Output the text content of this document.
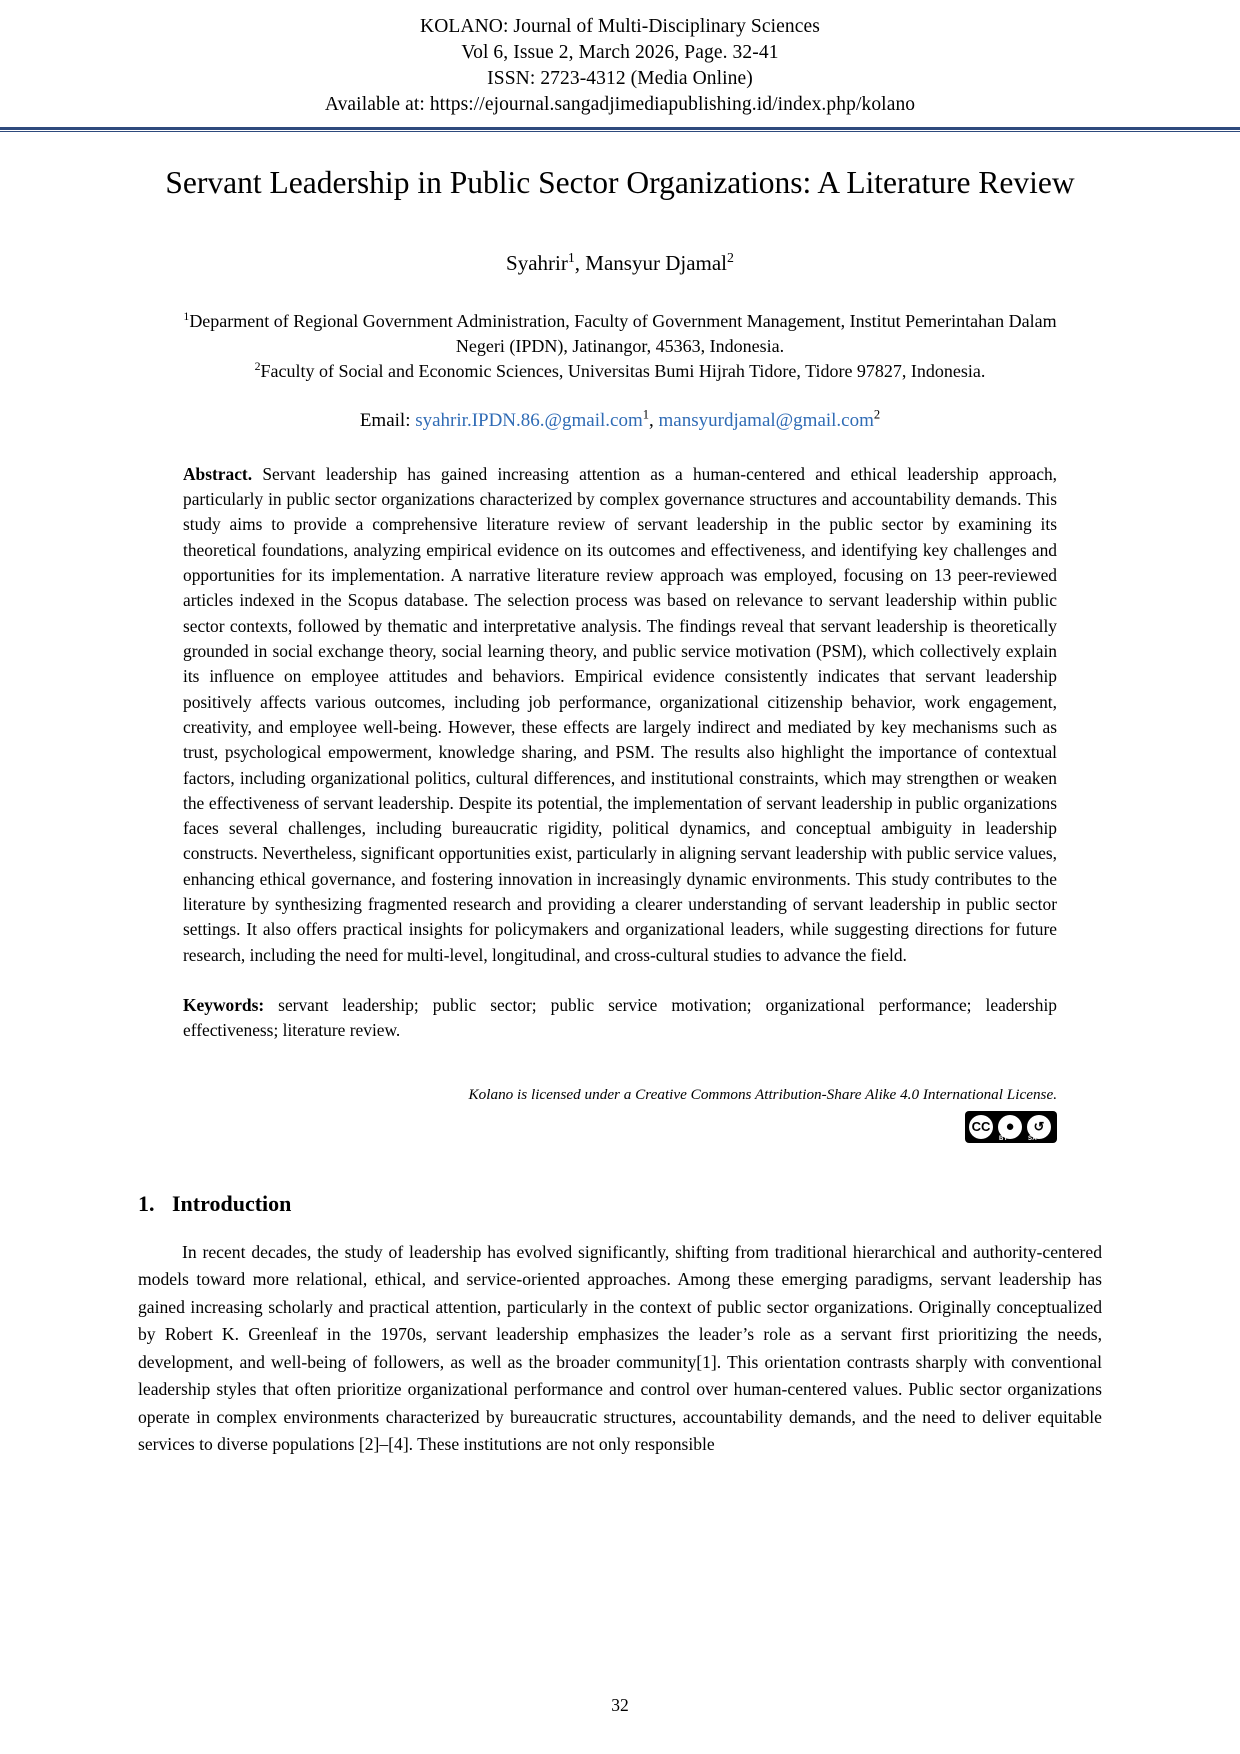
KOLANO: Journal of Multi-Disciplinary Sciences
Vol 6, Issue 2, March 2026, Page. 32-41
ISSN: 2723-4312 (Media Online)
Available at: https://ejournal.sangadjimediapublishing.id/index.php/kolano
Servant Leadership in Public Sector Organizations: A Literature Review
Syahrir$^1$, Mansyur Djamal$^2$
$^1$Deparment of Regional Government Administration, Faculty of Government Management, Institut Pemerintahan Dalam Negeri (IPDN), Jatinangor, 45363, Indonesia.
$^2$Faculty of Social and Economic Sciences, Universitas Bumi Hijrah Tidore, Tidore 97827, Indonesia.
Email: syahrir.IPDN.86.@gmail.com$^1$, mansyurdjamal@gmail.com$^2$
Abstract. Servant leadership has gained increasing attention as a human-centered and ethical leadership approach, particularly in public sector organizations characterized by complex governance structures and accountability demands. This study aims to provide a comprehensive literature review of servant leadership in the public sector by examining its theoretical foundations, analyzing empirical evidence on its outcomes and effectiveness, and identifying key challenges and opportunities for its implementation. A narrative literature review approach was employed, focusing on 13 peer-reviewed articles indexed in the Scopus database. The selection process was based on relevance to servant leadership within public sector contexts, followed by thematic and interpretative analysis. The findings reveal that servant leadership is theoretically grounded in social exchange theory, social learning theory, and public service motivation (PSM), which collectively explain its influence on employee attitudes and behaviors. Empirical evidence consistently indicates that servant leadership positively affects various outcomes, including job performance, organizational citizenship behavior, work engagement, creativity, and employee well-being. However, these effects are largely indirect and mediated by key mechanisms such as trust, psychological empowerment, knowledge sharing, and PSM. The results also highlight the importance of contextual factors, including organizational politics, cultural differences, and institutional constraints, which may strengthen or weaken the effectiveness of servant leadership. Despite its potential, the implementation of servant leadership in public organizations faces several challenges, including bureaucratic rigidity, political dynamics, and conceptual ambiguity in leadership constructs. Nevertheless, significant opportunities exist, particularly in aligning servant leadership with public service values, enhancing ethical governance, and fostering innovation in increasingly dynamic environments. This study contributes to the literature by synthesizing fragmented research and providing a clearer understanding of servant leadership in public sector settings. It also offers practical insights for policymakers and organizational leaders, while suggesting directions for future research, including the need for multi-level, longitudinal, and cross-cultural studies to advance the field.
Keywords: servant leadership; public sector; public service motivation; organizational performance; leadership effectiveness; literature review.
Kolano is licensed under a Creative Commons Attribution-Share Alike 4.0 International License.
CC	●	↺
BY	SA
1. Introduction

In recent decades, the study of leadership has evolved significantly, shifting from traditional hierarchical and authority-centered models toward more relational, ethical, and service-oriented approaches. Among these emerging paradigms, servant leadership has gained increasing scholarly and practical attention, particularly in the context of public sector organizations. Originally conceptualized by Robert K. Greenleaf in the 1970s, servant leadership emphasizes the leader’s role as a servant first prioritizing the needs, development, and well-being of followers, as well as the broader community[1]. This orientation contrasts sharply with conventional leadership styles that often prioritize organizational performance and control over human-centered values. Public sector organizations operate in complex environments characterized by bureaucratic structures, accountability demands, and the need to deliver equitable services to diverse populations [2]–[4]. These institutions are not only responsible

32
